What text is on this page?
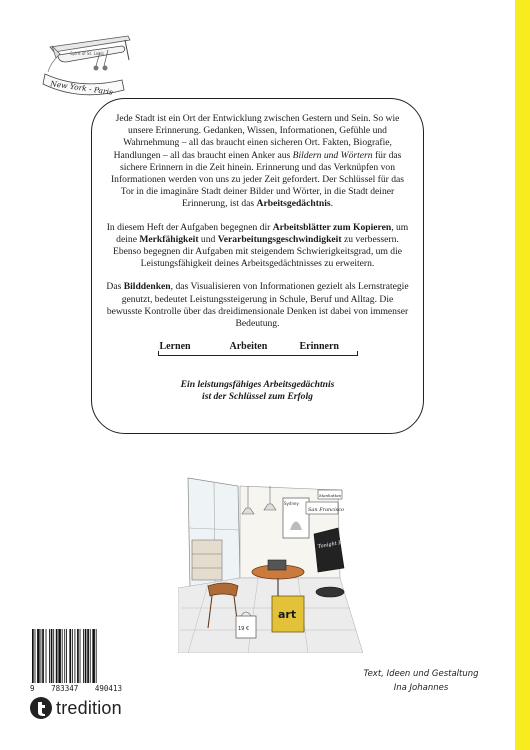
Spirit of St. Louis
New York - Paris

Jede Stadt ist ein Ort der Entwicklung zwischen Gestern und Sein. So wie unsere Erinnerung. Gedanken, Wissen, Informationen, Gefühle und Wahrnehmung – all das braucht einen sicheren Ort. Fakten, Biografie, Handlungen – all das braucht einen Anker aus Bildern und Wörtern für das sichere Erinnern in die Zeit hinein. Erinnerung und das Verknüpfen von Informationen werden von uns zu jeder Zeit gefordert. Der Schlüssel für das Tor in die imaginäre Stadt deiner Bilder und Wörter, in die Stadt deiner Erinnerung, ist das Arbeitsgedächtnis.

In diesem Heft der Aufgaben begegnen dir Arbeitsblätter zum Kopieren, um deine Merkfähigkeit und Verarbeitungsgeschwindigkeit zu verbessern. Ebenso begegnen dir Aufgaben mit steigendem Schwierigkeitsgrad, um die Leistungsfähigkeit deines Arbeitsgedächtnisses zu erweitern.

Das Bilddenken, das Visualisieren von Informationen gezielt als Lernstrategie genutzt, bedeutet Leistungssteigerung in Schule, Beruf und Alltag. Die bewusste Kontrolle über das dreidimensionale Denken ist dabei von immenser Bedeutung.

Lernen	Arbeiten	Erinnern
Ein leistungsfähiges Arbeitsgedächtnis
ist der Schlüssel zum Erfolg
Sydney
San Francisco
Manhattan
Tonight Blues
art
19 €
Text, Ideen und Gestaltung
Ina Johannes
9 783347 490413
tredition
